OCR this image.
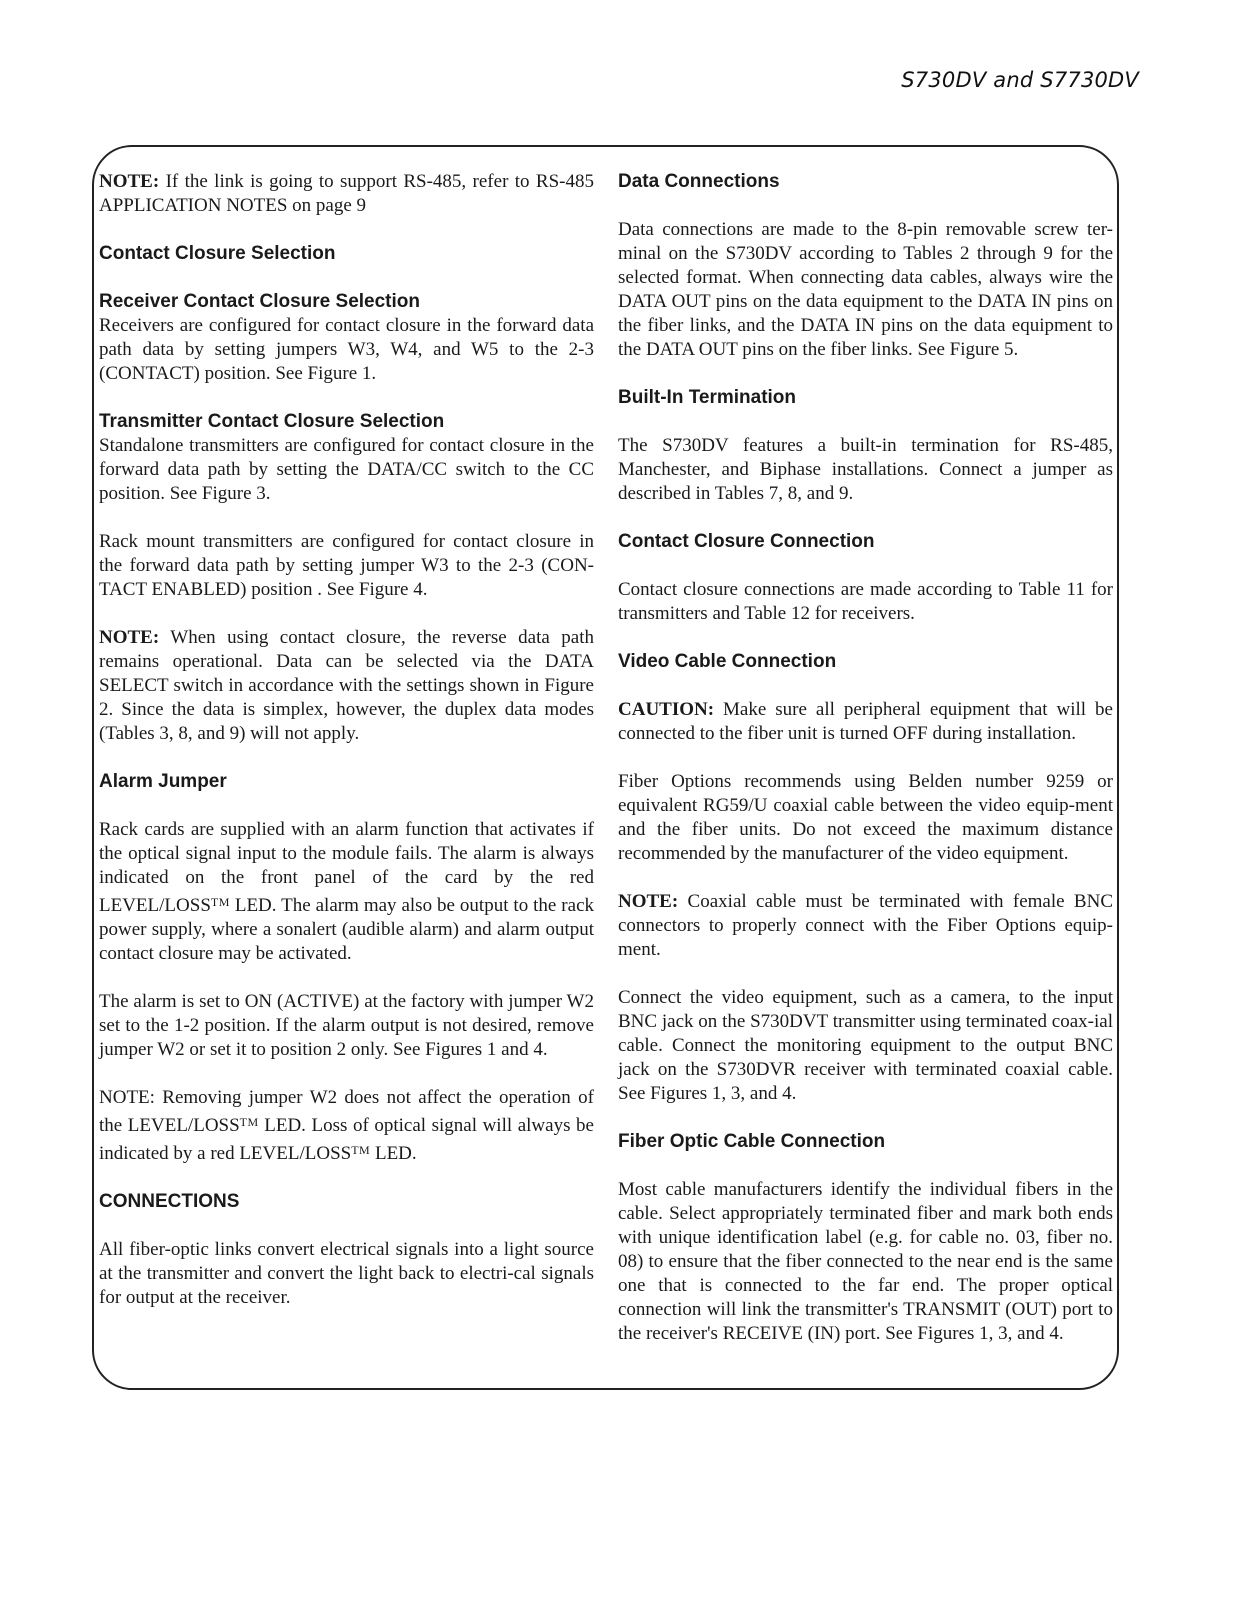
S730DV and S7730DV

NOTE: If the link is going to support RS-485, refer to RS-485 APPLICATION NOTES on page 9

Contact Closure Selection
Receiver Contact Closure Selection

Receivers are configured for contact closure in the forward data path data by setting jumpers W3, W4, and W5 to the 2-3 (CONTACT) position. See Figure 1.

Transmitter Contact Closure Selection

Standalone transmitters are configured for contact closure in the forward data path by setting the DATA/CC switch to the CC position. See Figure 3.

Rack mount transmitters are configured for contact closure in the forward data path by setting jumper W3 to the 2-3 (CON-TACT ENABLED) position . See Figure 4.

NOTE: When using contact closure, the reverse data path remains operational. Data can be selected via the DATA SELECT switch in accordance with the settings shown in Figure 2. Since the data is simplex, however, the duplex data modes (Tables 3, 8, and 9) will not apply.

Alarm Jumper

Rack cards are supplied with an alarm function that activates if the optical signal input to the module fails. The alarm is always indicated on the front panel of the card by the red LEVEL/LOSS™ LED. The alarm may also be output to the rack power supply, where a sonalert (audible alarm) and alarm output contact closure may be activated.

The alarm is set to ON (ACTIVE) at the factory with jumper W2 set to the 1-2 position. If the alarm output is not desired, remove jumper W2 or set it to position 2 only. See Figures 1 and 4.

NOTE: Removing jumper W2 does not affect the operation of the LEVEL/LOSS™ LED. Loss of optical signal will always be indicated by a red LEVEL/LOSS™ LED.

CONNECTIONS

All fiber-optic links convert electrical signals into a light source at the transmitter and convert the light back to electri-cal signals for output at the receiver.

Data Connections

Data connections are made to the 8-pin removable screw ter-minal on the S730DV according to Tables 2 through 9 for the selected format. When connecting data cables, always wire the DATA OUT pins on the data equipment to the DATA IN pins on the fiber links, and the DATA IN pins on the data equipment to the DATA OUT pins on the fiber links. See Figure 5.

Built-In Termination

The S730DV features a built-in termination for RS-485, Manchester, and Biphase installations. Connect a jumper as described in Tables 7, 8, and 9.

Contact Closure Connection

Contact closure connections are made according to Table 11 for transmitters and Table 12 for receivers.

Video Cable Connection

CAUTION: Make sure all peripheral equipment that will be connected to the fiber unit is turned OFF during installation.

Fiber Options recommends using Belden number 9259 or equivalent RG59/U coaxial cable between the video equip-ment and the fiber units. Do not exceed the maximum distance recommended by the manufacturer of the video equipment.

NOTE: Coaxial cable must be terminated with female BNC connectors to properly connect with the Fiber Options equip-ment.

Connect the video equipment, such as a camera, to the input BNC jack on the S730DVT transmitter using terminated coax-ial cable. Connect the monitoring equipment to the output BNC jack on the S730DVR receiver with terminated coaxial cable. See Figures 1, 3, and 4.

Fiber Optic Cable Connection

Most cable manufacturers identify the individual fibers in the cable. Select appropriately terminated fiber and mark both ends with unique identification label (e.g. for cable no. 03, fiber no. 08) to ensure that the fiber connected to the near end is the same one that is connected to the far end. The proper optical connection will link the transmitter's TRANSMIT (OUT) port to the receiver's RECEIVE (IN) port. See Figures 1, 3, and 4.
